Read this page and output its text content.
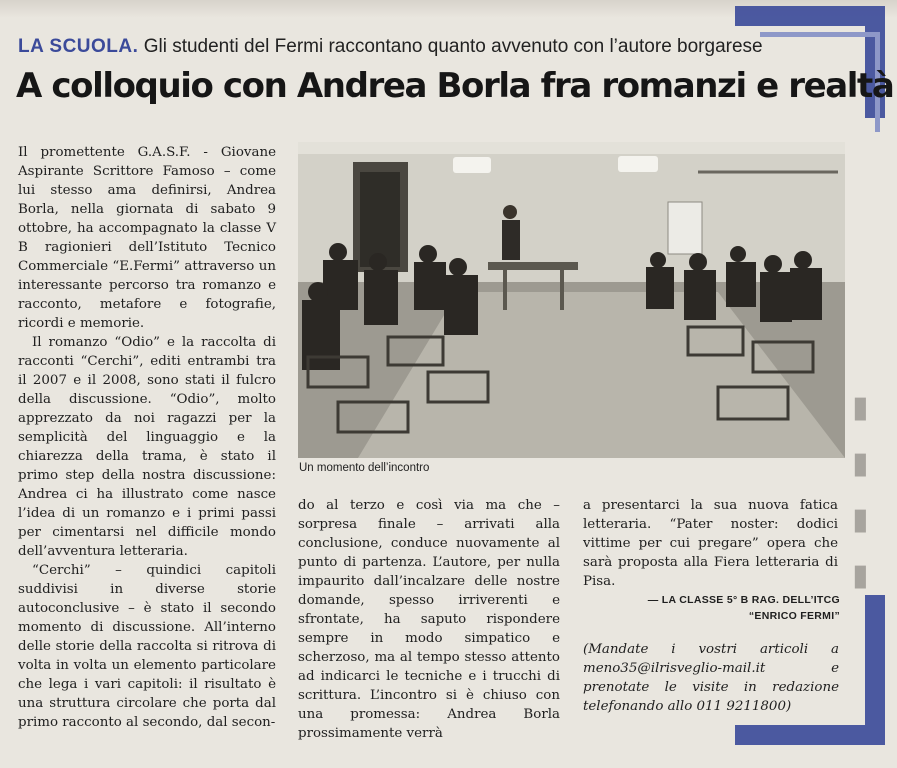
▮
▮
▮
▮
LA SCUOLA. Gli studenti del Fermi raccontano quanto avvenuto con l’autore borgarese
A colloquio con Andrea Borla fra romanzi e realtà

Il promettente G.A.S.F. - Giovane Aspirante Scrittore Famoso – come lui stesso ama definirsi, Andrea Borla, nella giornata di sabato 9 ottobre, ha accompagnato la classe V B ragionieri dell’Istituto Tecnico Commerciale “E.Fermi” attraverso un interessante percorso tra romanzo e racconto, metafore e fotografie, ricordi e memorie.

Il romanzo “Odio” e la raccolta di racconti “Cerchi”, editi entrambi tra il 2007 e il 2008, sono stati il fulcro della discussione. “Odio”, molto apprezzato da noi ragazzi per la semplicità del linguaggio e la chiarezza della trama, è stato il primo step della nostra discussione: Andrea ci ha illustrato come nasce l’idea di un romanzo e i primi passi per cimentarsi nel difficile mondo dell’avventura letteraria.

“Cerchi” – quindici capitoli suddivisi in diverse storie autoconclusive – è stato il secondo momento di discussione. All’interno delle storie della raccolta si ritrova di volta in volta un elemento particolare che lega i vari capitoli: il risultato è una struttura circolare che porta dal primo racconto al secondo, dal secon-

Un momento dell’incontro

do al terzo e così via ma che – sorpresa finale – arrivati alla conclusione, conduce nuovamente al punto di partenza. L’autore, per nulla impaurito dall’incalzare delle nostre domande, spesso irriverenti e sfrontate, ha saputo rispondere sempre in modo simpatico e scherzoso, ma al tempo stesso attento ad indicarci le tecniche e i trucchi di scrittura. L’incontro si è chiuso con una promessa: Andrea Borla prossimamente verrà

a presentarci la sua nuova fatica letteraria. “Pater noster: dodici vittime per cui pregare” opera che sarà proposta alla Fiera letteraria di Pisa.

— LA CLASSE 5° B RAG. DELL’ITCG
“ENRICO FERMI”
(Mandate i vostri articoli a meno35@ilrisveglio-mail.it e prenotate le visite in redazione telefonando allo 011 9211800)
